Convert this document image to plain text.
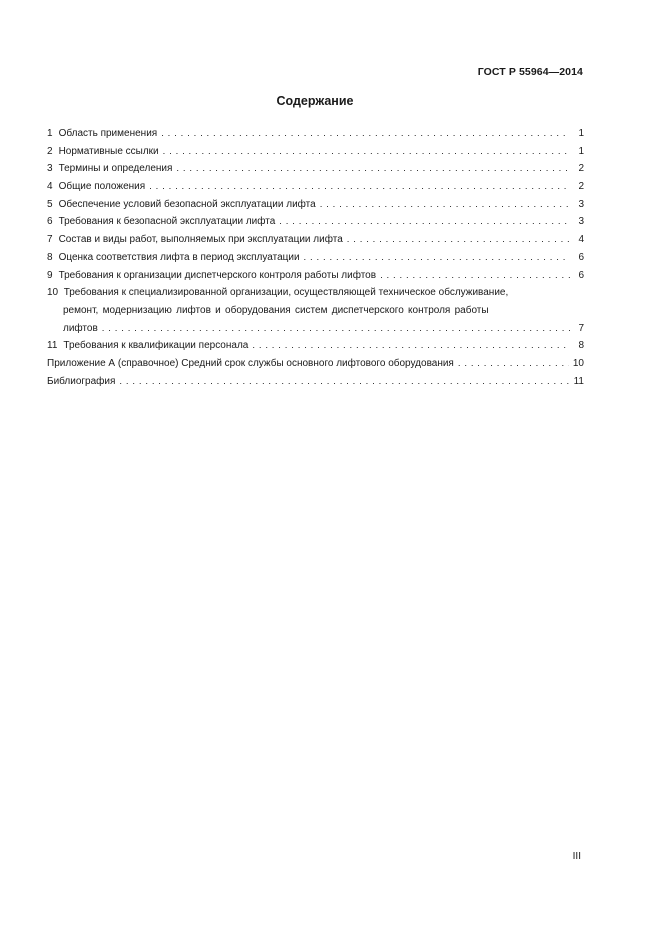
ГОСТ Р 55964—2014
Содержание
1 Область применения . . .	1
2 Нормативные ссылки . . .	1
3 Термины и определения . . .	2
4 Общие положения . . .	2
5 Обеспечение условий безопасной эксплуатации лифта . . .	3
6 Требования к безопасной эксплуатации лифта . . .	3
7 Состав и виды работ, выполняемых при эксплуатации лифта . . .	4
8 Оценка соответствия лифта в период эксплуатации . . .	6
9 Требования к организации диспетчерского контроля работы лифтов . . .	6
10 Требования к специализированной организации, осуществляющей техническое обслуживание,
ремонт, модернизацию лифтов и оборудования систем диспетчерского контроля работы
лифтов . . .	7
11 Требования к квалификации персонала . . .	8
Приложение А (справочное) Средний срок службы основного лифтового оборудования . . .	10
Библиография . . .	11
III
